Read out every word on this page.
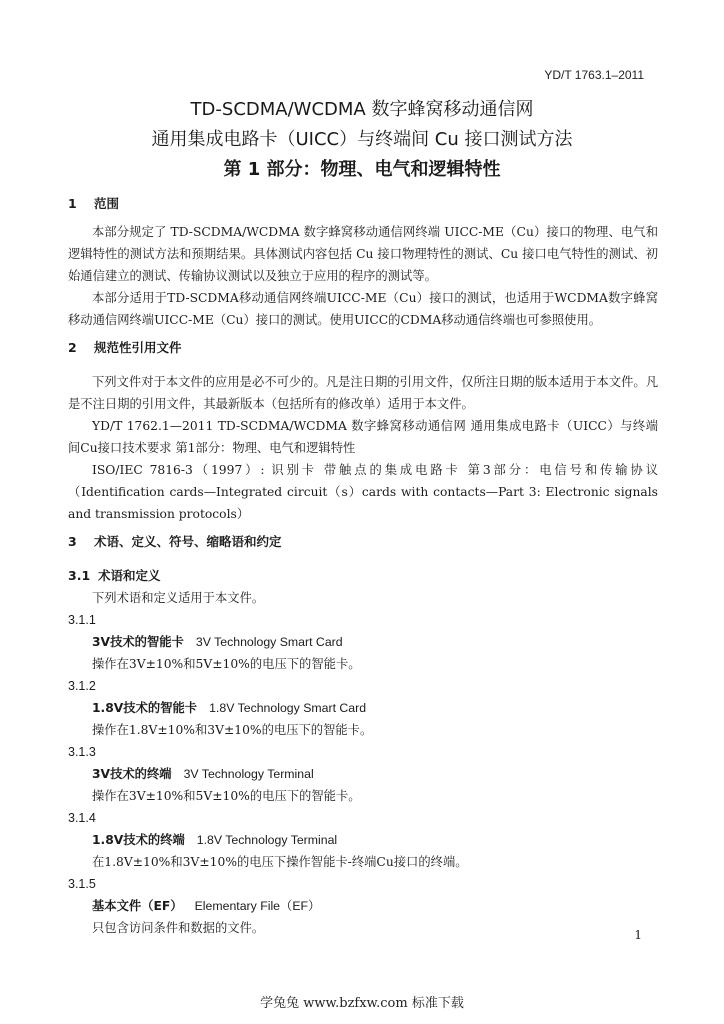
YD/T 1763.1–2011
TD-SCDMA/WCDMA 数字蜂窝移动通信网
通用集成电路卡（UICC）与终端间 Cu 接口测试方法
第 1 部分：物理、电气和逻辑特性
1 范围

本部分规定了 TD-SCDMA/WCDMA 数字蜂窝移动通信网终端 UICC-ME（Cu）接口的物理、电气和逻辑特性的测试方法和预期结果。具体测试内容包括 Cu 接口物理特性的测试、Cu 接口电气特性的测试、初始通信建立的测试、传输协议测试以及独立于应用的程序的测试等。

本部分适用于TD-SCDMA移动通信网终端UICC-ME（Cu）接口的测试，也适用于WCDMA数字蜂窝移动通信网终端UICC-ME（Cu）接口的测试。使用UICC的CDMA移动通信终端也可参照使用。

2 规范性引用文件

下列文件对于本文件的应用是必不可少的。凡是注日期的引用文件，仅所注日期的版本适用于本文件。凡是不注日期的引用文件，其最新版本（包括所有的修改单）适用于本文件。

YD/T 1762.1—2011 TD-SCDMA/WCDMA 数字蜂窝移动通信网 通用集成电路卡（UICC）与终端间Cu接口技术要求 第1部分：物理、电气和逻辑特性

ISO/IEC 7816-3（1997）: 识别卡 带触点的集成电路卡 第3部分：电信号和传输协议（Identification cards—Integrated circuit（s）cards with contacts—Part 3: Electronic signals and transmission protocols）

3 术语、定义、符号、缩略语和约定
3.1 术语和定义
下列术语和定义适用于本文件。
3.1.1
3V技术的智能卡 3V Technology Smart Card
操作在3V±10%和5V±10%的电压下的智能卡。
3.1.2
1.8V技术的智能卡 1.8V Technology Smart Card
操作在1.8V±10%和3V±10%的电压下的智能卡。
3.1.3
3V技术的终端 3V Technology Terminal
操作在3V±10%和5V±10%的电压下的智能卡。
3.1.4
1.8V技术的终端 1.8V Technology Terminal
在1.8V±10%和3V±10%的电压下操作智能卡-终端Cu接口的终端。
3.1.5
基本文件（EF） Elementary File（EF）
只包含访问条件和数据的文件。	1
学兔兔 www.bzfxw.com 标准下载
